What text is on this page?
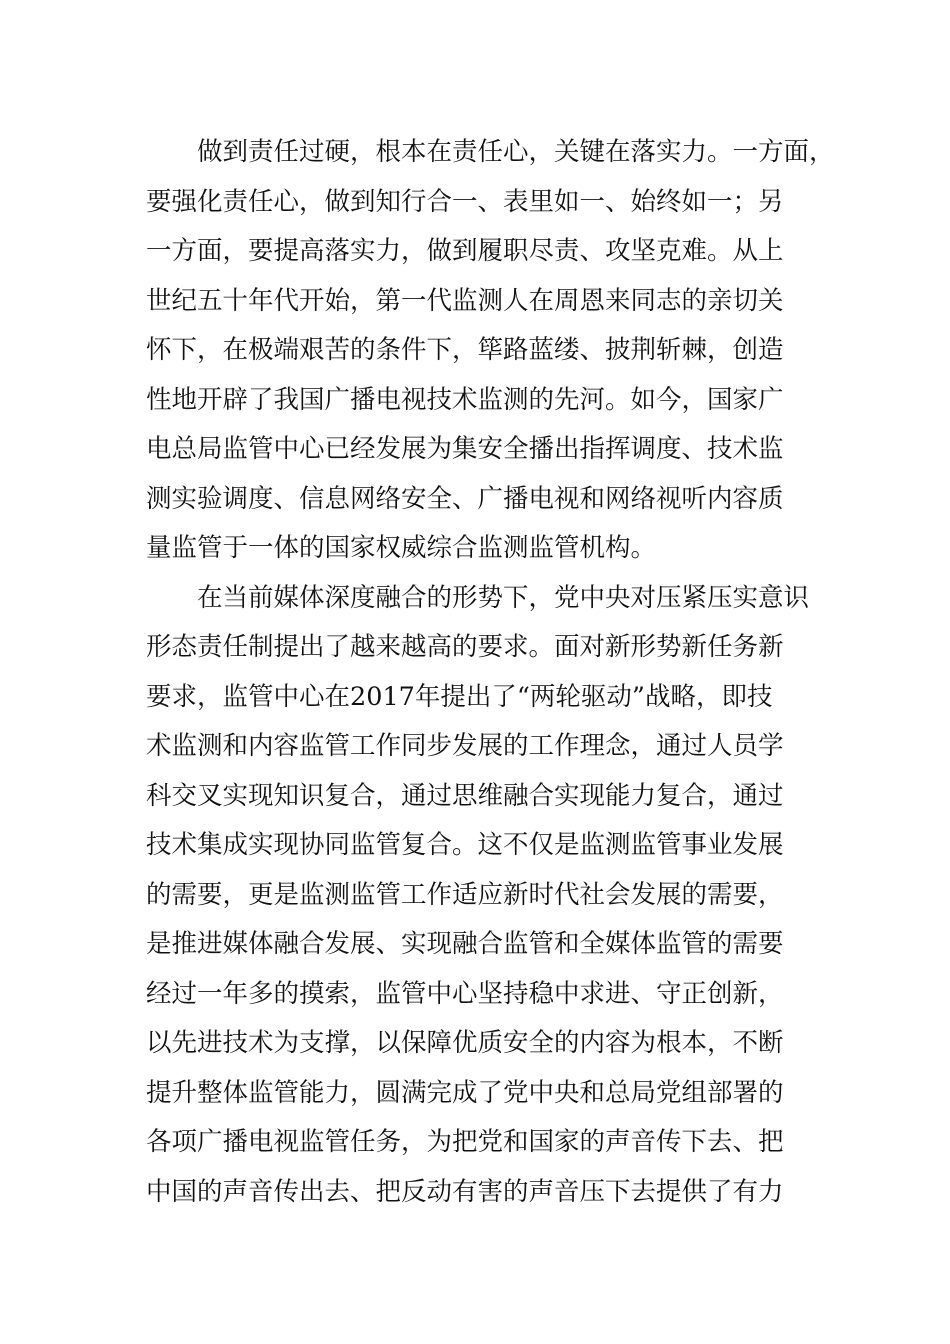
　　做到责任过硬，根本在责任心，关键在落实力。一方面，
要强化责任心，做到知行合一、表里如一、始终如一；另
一方面，要提高落实力，做到履职尽责、攻坚克难。从上
世纪五十年代开始，第一代监测人在周恩来同志的亲切关
怀下，在极端艰苦的条件下，筚路蓝缕、披荆斩棘，创造
性地开辟了我国广播电视技术监测的先河。如今，国家广
电总局监管中心已经发展为集安全播出指挥调度、技术监
测实验调度、信息网络安全、广播电视和网络视听内容质
量监管于一体的国家权威综合监测监管机构。
　　在当前媒体深度融合的形势下，党中央对压紧压实意识
形态责任制提出了越来越高的要求。面对新形势新任务新
要求，监管中心在2017年提出了“两轮驱动”战略，即技
术监测和内容监管工作同步发展的工作理念，通过人员学
科交叉实现知识复合，通过思维融合实现能力复合，通过
技术集成实现协同监管复合。这不仅是监测监管事业发展
的需要，更是监测监管工作适应新时代社会发展的需要，
是推进媒体融合发展、实现融合监管和全媒体监管的需要
经过一年多的摸索，监管中心坚持稳中求进、守正创新，
以先进技术为支撑，以保障优质安全的内容为根本，不断
提升整体监管能力，圆满完成了党中央和总局党组部署的
各项广播电视监管任务，为把党和国家的声音传下去、把
中国的声音传出去、把反动有害的声音压下去提供了有力
